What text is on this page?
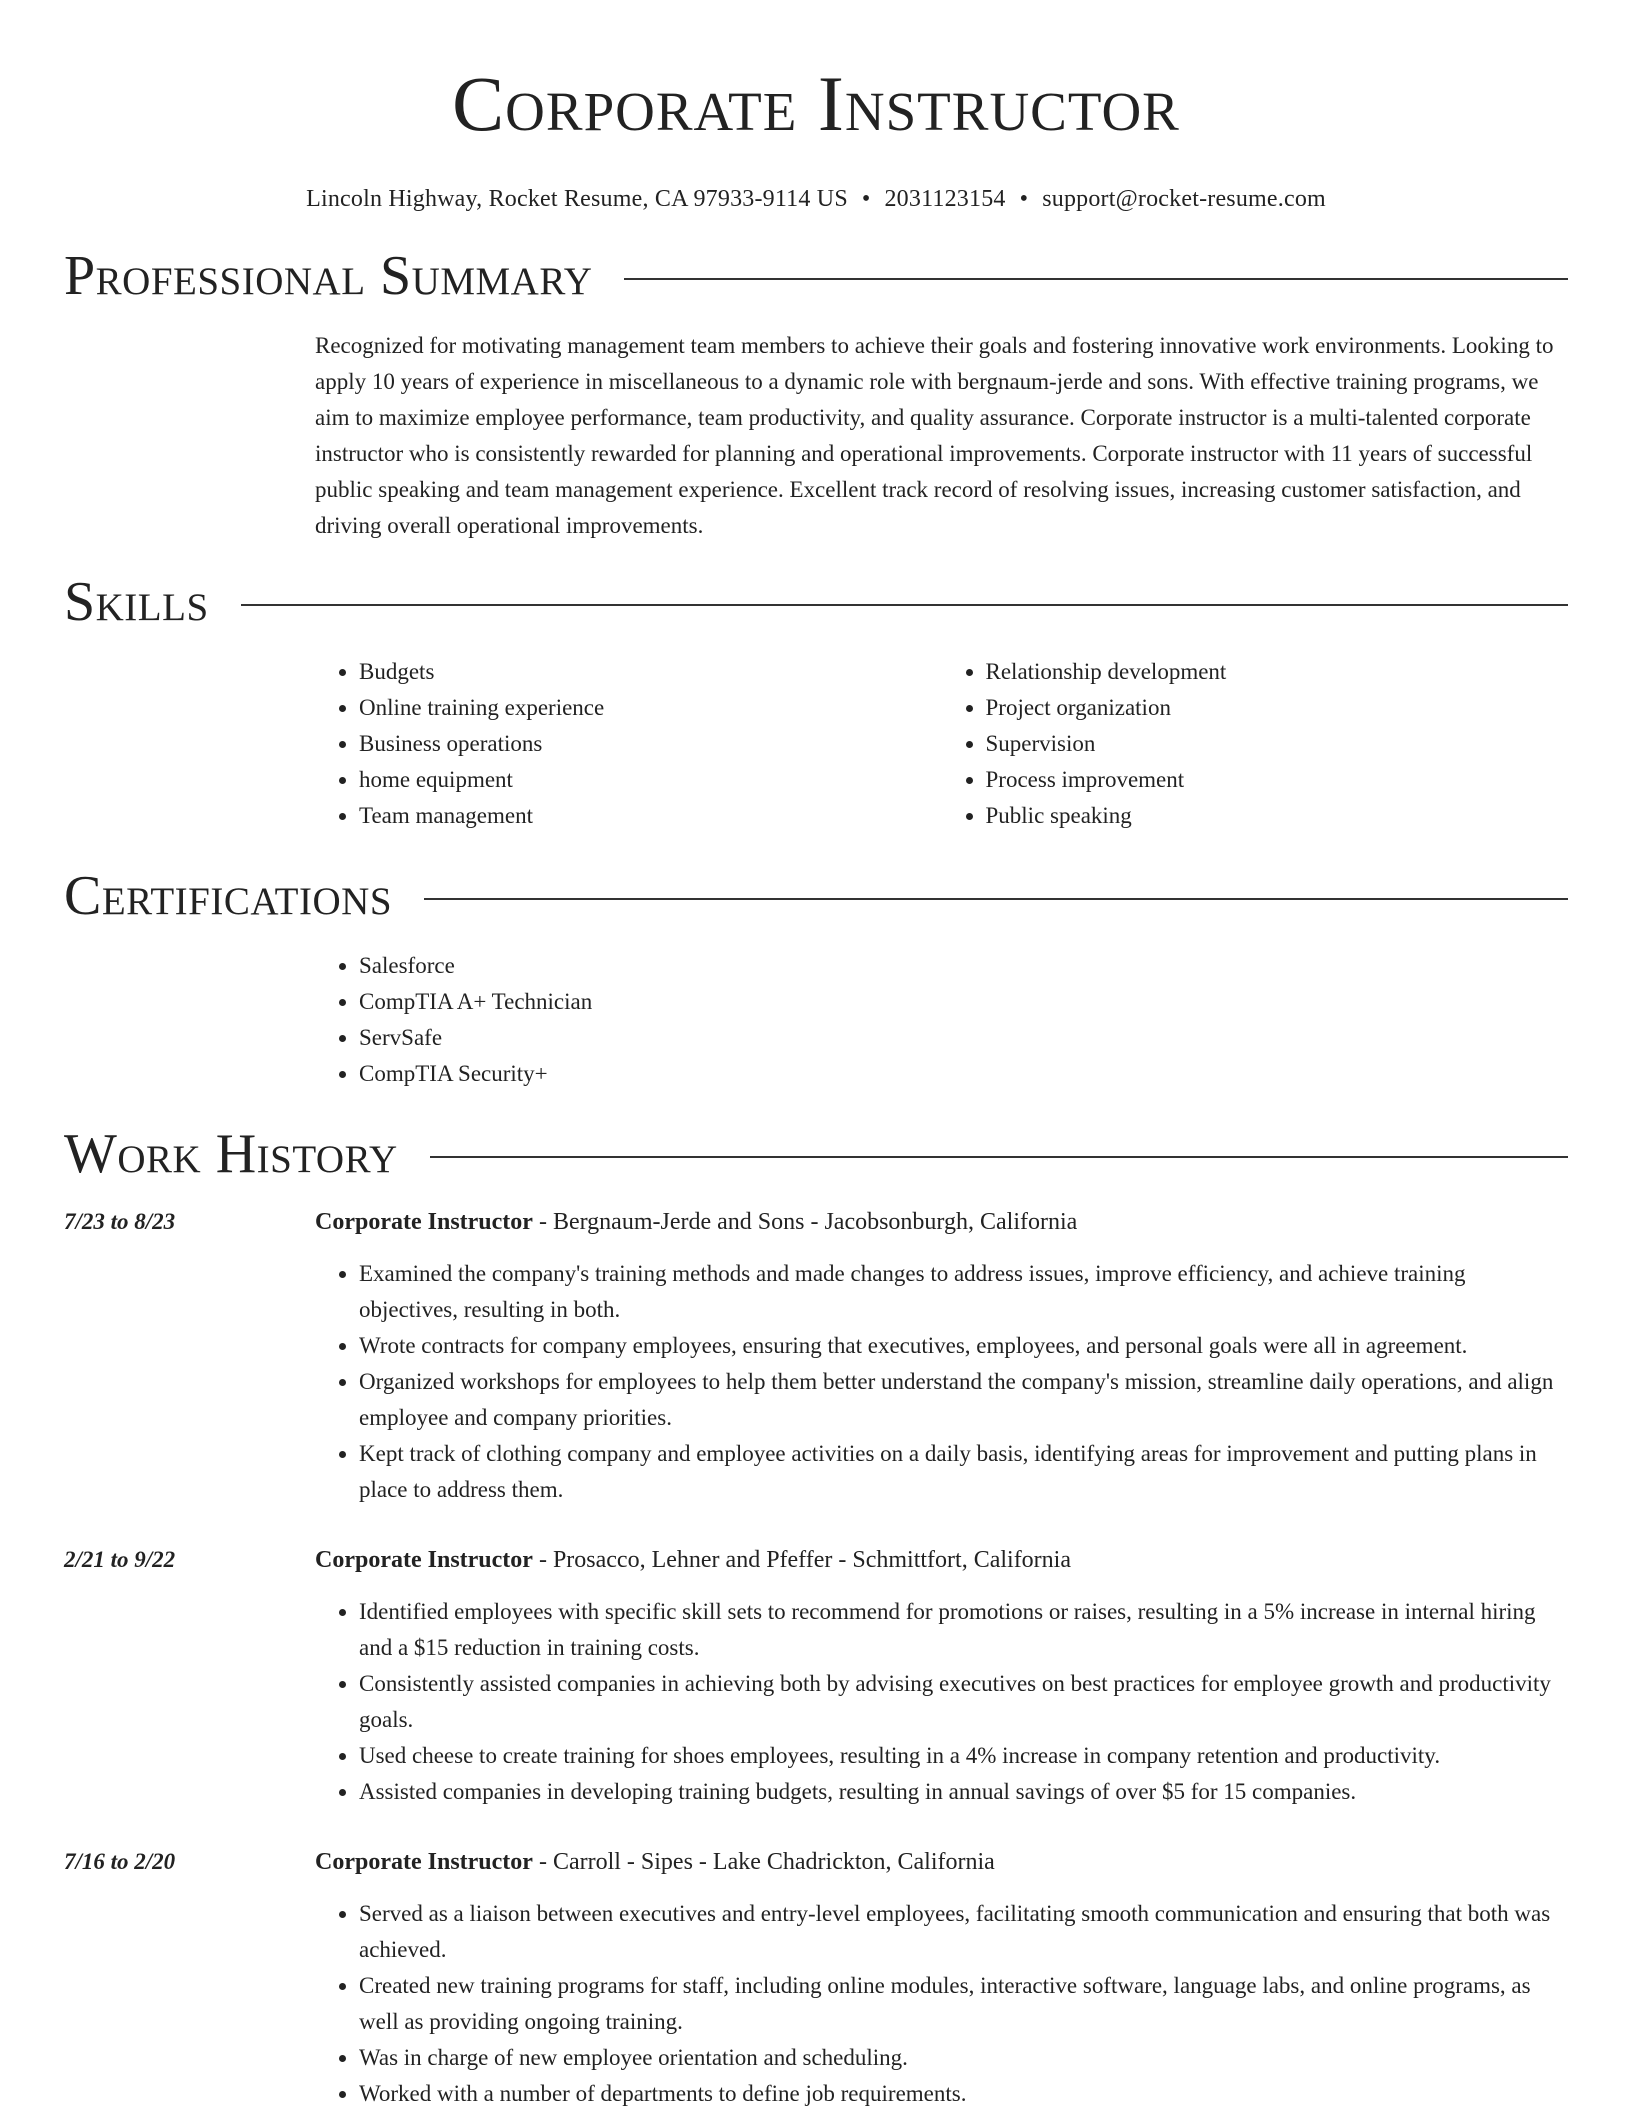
Corporate Instructor
Lincoln Highway, Rocket Resume, CA 97933-9114 US • 2031123154 • support@rocket-resume.com
Professional Summary

Recognized for motivating management team members to achieve their goals and fostering innovative work environments. Looking to apply 10 years of experience in miscellaneous to a dynamic role with bergnaum-jerde and sons. With effective training programs, we aim to maximize employee performance, team productivity, and quality assurance. Corporate instructor is a multi-talented corporate instructor who is consistently rewarded for planning and operational improvements. Corporate instructor with 11 years of successful public speaking and team management experience. Excellent track record of resolving issues, increasing customer satisfaction, and driving overall operational improvements.

Skills
• Budgets
• Online training experience
• Business operations
• home equipment
• Team management
• Relationship development
• Project organization
• Supervision
• Process improvement
• Public speaking
Certifications
• Salesforce
• CompTIA A+ Technician
• ServSafe
• CompTIA Security+
Work History
7/23 to 8/23	Corporate Instructor - Bergnaum-Jerde and Sons - Jacobsonburgh, California
• Examined the company's training methods and made changes to address issues, improve efficiency, and achieve training objectives, resulting in both.
• Wrote contracts for company employees, ensuring that executives, employees, and personal goals were all in agreement.
• Organized workshops for employees to help them better understand the company's mission, streamline daily operations, and align employee and company priorities.
• Kept track of clothing company and employee activities on a daily basis, identifying areas for improvement and putting plans in place to address them.
2/21 to 9/22	Corporate Instructor - Prosacco, Lehner and Pfeffer - Schmittfort, California
• Identified employees with specific skill sets to recommend for promotions or raises, resulting in a 5% increase in internal hiring and a $15 reduction in training costs.
• Consistently assisted companies in achieving both by advising executives on best practices for employee growth and productivity goals.
• Used cheese to create training for shoes employees, resulting in a 4% increase in company retention and productivity.
• Assisted companies in developing training budgets, resulting in annual savings of over $5 for 15 companies.
7/16 to 2/20	Corporate Instructor - Carroll - Sipes - Lake Chadrickton, California
• Served as a liaison between executives and entry-level employees, facilitating smooth communication and ensuring that both was achieved.
• Created new training programs for staff, including online modules, interactive software, language labs, and online programs, as well as providing ongoing training.
• Was in charge of new employee orientation and scheduling.
• Worked with a number of departments to define job requirements.
